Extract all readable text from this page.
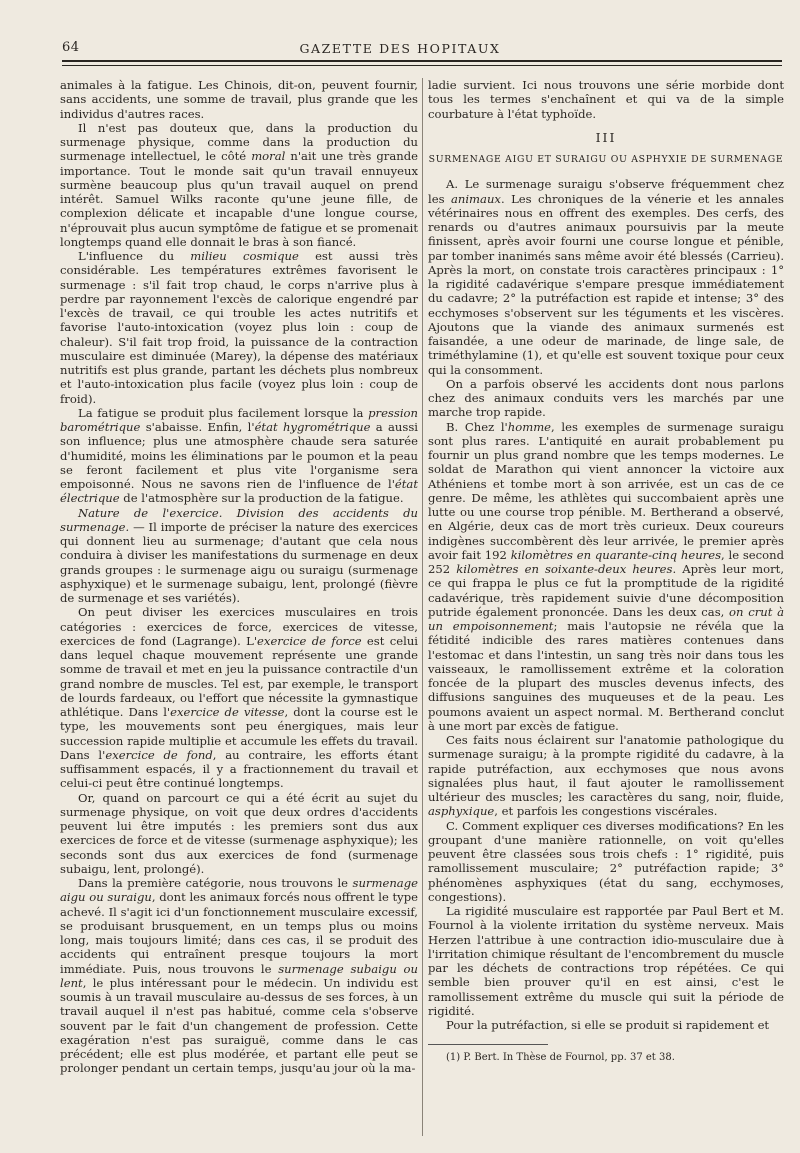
64	GAZETTE DES HOPITAUX

animales à la fatigue. Les Chinois, dit-on, peuvent fournir, sans accidents, une somme de travail, plus grande que les individus d'autres races.

Il n'est pas douteux que, dans la production du surmenage physique, comme dans la production du surmenage intellectuel, le côté moral n'ait une très grande importance. Tout le monde sait qu'un travail ennuyeux surmène beaucoup plus qu'un travail auquel on prend intérêt. Samuel Wilks raconte qu'une jeune fille, de complexion délicate et incapable d'une longue course, n'éprouvait plus aucun symptôme de fatigue et se promenait longtemps quand elle donnait le bras à son fiancé.

L'influence du milieu cosmique est aussi très considérable. Les températures extrêmes favorisent le surmenage : s'il fait trop chaud, le corps n'arrive plus à perdre par rayonnement l'excès de calorique engendré par l'excès de travail, ce qui trouble les actes nutritifs et favorise l'auto-intoxication (voyez plus loin : coup de chaleur). S'il fait trop froid, la puissance de la contraction musculaire est diminuée (Marey), la dépense des matériaux nutritifs est plus grande, partant les déchets plus nombreux et l'auto-intoxication plus facile (voyez plus loin : coup de froid).

La fatigue se produit plus facilement lorsque la pression barométrique s'abaisse. Enfin, l'état hygrométrique a aussi son influence; plus une atmosphère chaude sera saturée d'humidité, moins les éliminations par le poumon et la peau se feront facilement et plus vite l'organisme sera empoisonné. Nous ne savons rien de l'influence de l'état électrique de l'atmosphère sur la production de la fatigue.

Nature de l'exercice. Division des accidents du surmenage. — Il importe de préciser la nature des exercices qui donnent lieu au surmenage; d'autant que cela nous conduira à diviser les manifestations du surmenage en deux grands groupes : le surmenage aigu ou suraigu (surmenage asphyxique) et le surmenage subaigu, lent, prolongé (fièvre de surmenage et ses variétés).

On peut diviser les exercices musculaires en trois catégories : exercices de force, exercices de vitesse, exercices de fond (Lagrange). L'exercice de force est celui dans lequel chaque mouvement représente une grande somme de travail et met en jeu la puissance contractile d'un grand nombre de muscles. Tel est, par exemple, le transport de lourds fardeaux, ou l'effort que nécessite la gymnastique athlétique. Dans l'exercice de vitesse, dont la course est le type, les mouvements sont peu énergiques, mais leur succession rapide multiplie et accumule les effets du travail. Dans l'exercice de fond, au contraire, les efforts étant suffisamment espacés, il y a fractionnement du travail et celui-ci peut être continué longtemps.

Or, quand on parcourt ce qui a été écrit au sujet du surmenage physique, on voit que deux ordres d'accidents peuvent lui être imputés : les premiers sont dus aux exercices de force et de vitesse (surmenage asphyxique); les seconds sont dus aux exercices de fond (surmenage subaigu, lent, prolongé).

Dans la première catégorie, nous trouvons le surmenage aigu ou suraigu, dont les animaux forcés nous offrent le type achevé. Il s'agit ici d'un fonctionnement musculaire excessif, se produisant brusquement, en un temps plus ou moins long, mais toujours limité; dans ces cas, il se produit des accidents qui entraînent presque toujours la mort immédiate. Puis, nous trouvons le surmenage subaigu ou lent, le plus intéressant pour le médecin. Un individu est soumis à un travail musculaire au-dessus de ses forces, à un travail auquel il n'est pas habitué, comme cela s'observe souvent par le fait d'un changement de profession. Cette exagération n'est pas suraiguë, comme dans le cas précédent; elle est plus modérée, et partant elle peut se prolonger pendant un certain temps, jusqu'au jour où la ma-

ladie survient. Ici nous trouvons une série morbide dont tous les termes s'enchaînent et qui va de la simple courbature à l'état typhoïde.

III
SURMENAGE AIGU ET SURAIGU OU ASPHYXIE DE SURMENAGE

A. Le surmenage suraigu s'observe fréquemment chez les animaux. Les chroniques de la vénerie et les annales vétérinaires nous en offrent des exemples. Des cerfs, des renards ou d'autres animaux poursuivis par la meute finissent, après avoir fourni une course longue et pénible, par tomber inanimés sans même avoir été blessés (Carrieu). Après la mort, on constate trois caractères principaux : 1° la rigidité cadavérique s'empare presque immédiatement du cadavre; 2° la putréfaction est rapide et intense; 3° des ecchymoses s'observent sur les téguments et les viscères. Ajoutons que la viande des animaux surmenés est faisandée, a une odeur de marinade, de linge sale, de triméthylamine (1), et qu'elle est souvent toxique pour ceux qui la consomment.

On a parfois observé les accidents dont nous parlons chez des animaux conduits vers les marchés par une marche trop rapide.

B. Chez l'homme, les exemples de surmenage suraigu sont plus rares. L'antiquité en aurait probablement pu fournir un plus grand nombre que les temps modernes. Le soldat de Marathon qui vient annoncer la victoire aux Athéniens et tombe mort à son arrivée, est un cas de ce genre. De même, les athlètes qui succombaient après une lutte ou une course trop pénible. M. Bertherand a observé, en Algérie, deux cas de mort très curieux. Deux coureurs indigènes succombèrent dès leur arrivée, le premier après avoir fait 192 kilomètres en quarante-cinq heures, le second 252 kilomètres en soixante-deux heures. Après leur mort, ce qui frappa le plus ce fut la promptitude de la rigidité cadavérique, très rapidement suivie d'une décomposition putride également prononcée. Dans les deux cas, on crut à un empoisonnement; mais l'autopsie ne révéla que la fétidité indicible des rares matières contenues dans l'estomac et dans l'intestin, un sang très noir dans tous les vaisseaux, le ramollissement extrême et la coloration foncée de la plupart des muscles devenus infects, des diffusions sanguines des muqueuses et de la peau. Les poumons avaient un aspect normal. M. Bertherand conclut à une mort par excès de fatigue.

Ces faits nous éclairent sur l'anatomie pathologique du surmenage suraigu; à la prompte rigidité du cadavre, à la rapide putréfaction, aux ecchymoses que nous avons signalées plus haut, il faut ajouter le ramollissement ultérieur des muscles; les caractères du sang, noir, fluide, asphyxique, et parfois les congestions viscérales.

C. Comment expliquer ces diverses modifications? En les groupant d'une manière rationnelle, on voit qu'elles peuvent être classées sous trois chefs : 1° rigidité, puis ramollissement musculaire; 2° putréfaction rapide; 3° phénomènes asphyxiques (état du sang, ecchymoses, congestions).

La rigidité musculaire est rapportée par Paul Bert et M. Fournol à la violente irritation du système nerveux. Mais Herzen l'attribue à une contraction idio-musculaire due à l'irritation chimique résultant de l'encombrement du muscle par les déchets de contractions trop répétées. Ce qui semble bien prouver qu'il en est ainsi, c'est le ramollissement extrême du muscle qui suit la période de rigidité.

Pour la putréfaction, si elle se produit si rapidement et

(1) P. Bert. In Thèse de Fournol, pp. 37 et 38.
